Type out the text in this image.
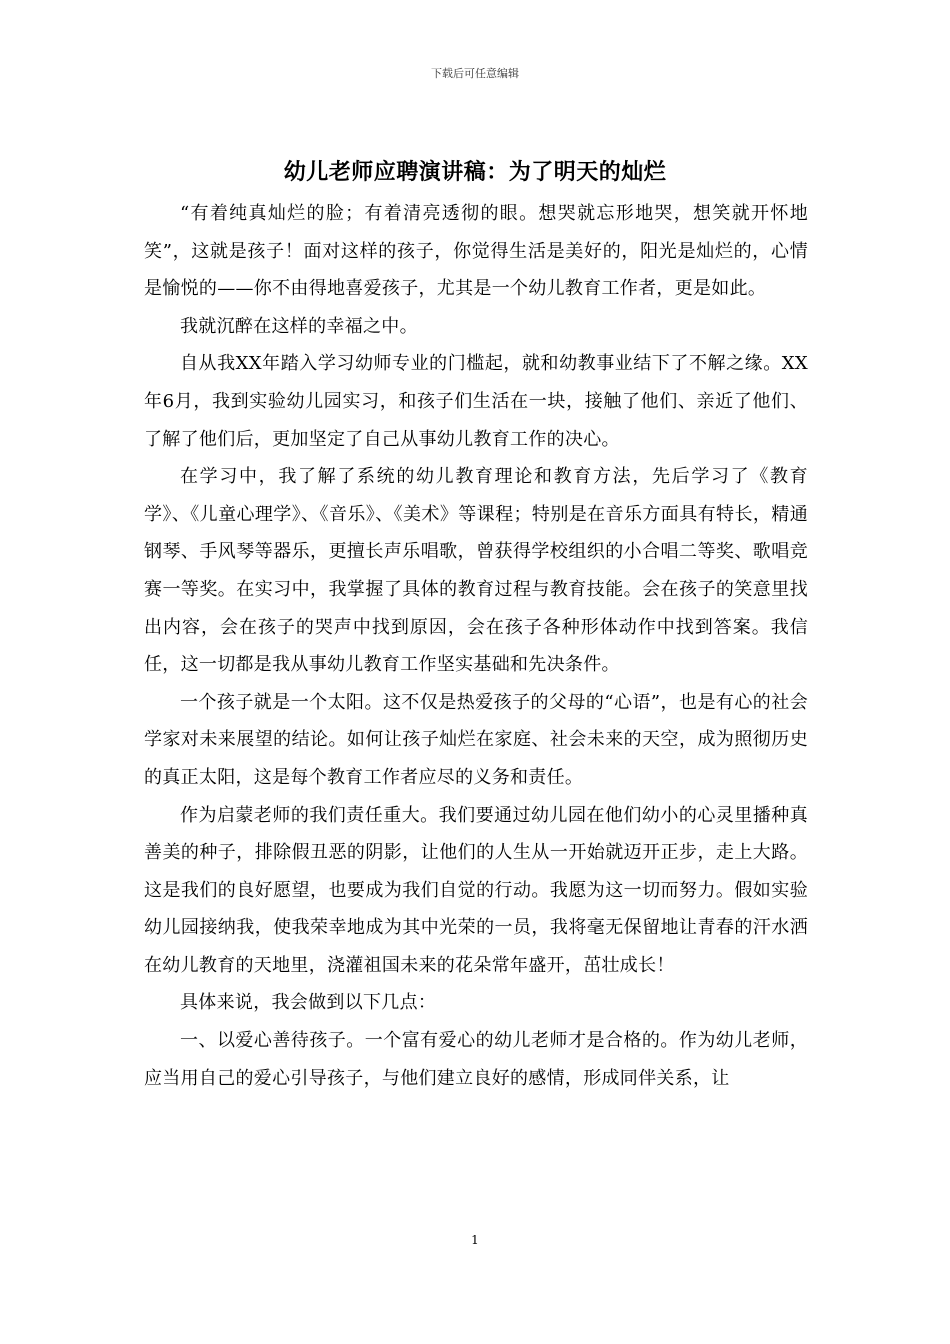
下载后可任意编辑
幼儿老师应聘演讲稿：为了明天的灿烂

“有着纯真灿烂的脸；有着清亮透彻的眼。想哭就忘形地哭，想笑就开怀地笑”，这就是孩子！面对这样的孩子，你觉得生活是美好的，阳光是灿烂的，心情是愉悦的——你不由得地喜爱孩子，尤其是一个幼儿教育工作者，更是如此。

我就沉醉在这样的幸福之中。

自从我XX年踏入学习幼师专业的门槛起，就和幼教事业结下了不解之缘。XX年6月，我到实验幼儿园实习，和孩子们生活在一块，接触了他们、亲近了他们、了解了他们后，更加坚定了自己从事幼儿教育工作的决心。

在学习中，我了解了系统的幼儿教育理论和教育方法，先后学习了《教育学》、《儿童心理学》、《音乐》、《美术》等课程；特别是在音乐方面具有特长，精通钢琴、手风琴等器乐，更擅长声乐唱歌，曾获得学校组织的小合唱二等奖、歌唱竞赛一等奖。在实习中，我掌握了具体的教育过程与教育技能。会在孩子的笑意里找出内容，会在孩子的哭声中找到原因，会在孩子各种形体动作中找到答案。我信任，这一切都是我从事幼儿教育工作坚实基础和先决条件。

一个孩子就是一个太阳。这不仅是热爱孩子的父母的“心语”，也是有心的社会学家对未来展望的结论。如何让孩子灿烂在家庭、社会未来的天空，成为照彻历史的真正太阳，这是每个教育工作者应尽的义务和责任。

作为启蒙老师的我们责任重大。我们要通过幼儿园在他们幼小的心灵里播种真善美的种子，排除假丑恶的阴影，让他们的人生从一开始就迈开正步，走上大路。这是我们的良好愿望，也要成为我们自觉的行动。我愿为这一切而努力。假如实验幼儿园接纳我，使我荣幸地成为其中光荣的一员，我将毫无保留地让青春的汗水洒在幼儿教育的天地里，浇灌祖国未来的花朵常年盛开，茁壮成长！

具体来说，我会做到以下几点：

一、以爱心善待孩子。一个富有爱心的幼儿老师才是合格的。作为幼儿老师，应当用自己的爱心引导孩子，与他们建立良好的感情，形成同伴关系，让

1
